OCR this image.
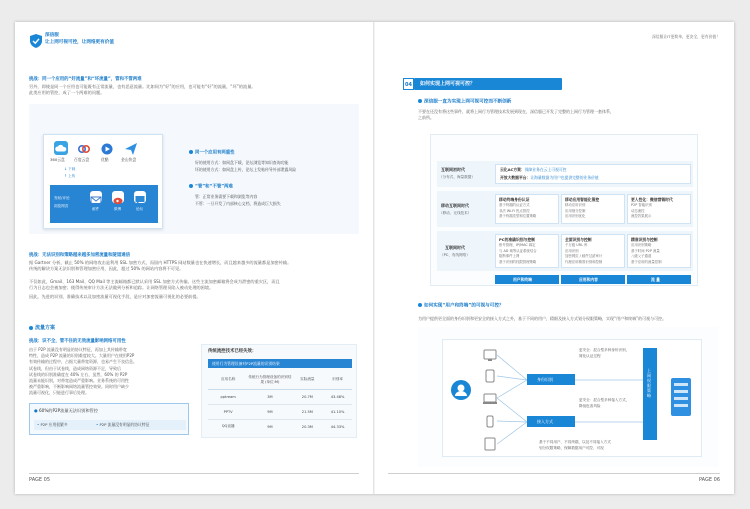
深信服
让上网可视可控，让网络更有价值
挑战：同一个应用的“好流量”和“坏流量”，管和不管两难
另外，即使是同一个应用也可能既有正常流量，也有恶意流量。比如同为“好”的应用，也可能有“好”的流量，“坏”的流量。
此类应用的管控，成了一个两难的问题。
360云盘 百度云盘	优酷	金山快盘
↓ 下载
↑ 上传
发帖/评论
浏览网页
邮件	微博	论坛
同一个应用有两重性
好的使用方式：如网盘下载，论坛浏览等知识查询功能
坏的使用方式：如网盘上传，论坛上发帖传导外部泄露风险
“管”和“不管”两难
管：正常业务需要下载和浏览等内容
不管：一旦开发了内部核心文档，将造成巨大损失
挑战：无法识别和策略越来越多加密流量和隧道通信
据 Gartner 分析，截止 50% 的网络攻击是利用 SSL 加密方式，而国内 HTTPS 网站数量也在快速增长，而且越来越多的流量都是加密传输。
传统的解决方案无法识别和管理加密应用，因此，超过 50% 的网站内容将不可见。
不仅如此，Gmail、163 Mail、QQ Mail 等主流邮箱都已默认采用 SSL 加密方式传输。这些主流加密邮箱将会成为泄密的重灾区，而且
行为日志也会被加密；使得传统审计方法无法做到分析和追踪。让网络管理员陷入被动处理的困境。
因此，先进的识别、准确技术以及加密流量可视化手段，是应对加密流量可视化的必要前提。
流量方案
挑战：识不全，管不住的无效流量影响网络可用性
由于 P2P 流量没有明显的协议特征，再加上其传输带宽
特性，造成 P2P 流量的识别难度较大。大量用户在使用P2P
有效传输的过程中，占据大量带宽资源，也易产生不良信息。
试卷线，但由于试卷线，造成网络资源不足，导致后
试卷线的识别准确度在 40% 左右，虽然，60% 的 P2P
流量未能识别，对带宽造成严重影响。业务系统的可用性
被严重影响，不断影响网络流量管控效果。同时用户缺少
流量可视化，只能进行事后处理。
● 60%的P2P流量无法识别和管控
• P2P 应用很繁多	• P2P 流量没有明显的协议特征
传统流控技术已经失效：
使用行为管理设备对P2P流量的识别结果
应用名称	传统行为管理设备的识别结果 (单位:M)	实际流量	识别率
pptream	3M	20.7M	43.48%
PPTV	9M	21.5M	41.10%
QQ直播	9M	20.3M	44.33%
PAGE 05
深信服让IT更简单，更安全，更有价值！
04 如何实现上网可视可控？
深信服一直为实现上网可视可控而不断创新
不要在还没有将这些事件，就将上网行为管理技术发展到现在，深信服已开发了完整的上网行为管理一套体系，
之前所。
互联网初时代
（分布式、海量数据）
云化AC方案：保障业务在云上可视可控
开放大数据平台：让海量数据为用户也提供完整的业务价值
移动互联网时代
（移动、无线技术）
移动终端身份认证
基于终端的认证方式
非法 Wi-Fi 热点管控
基于终端类型和位置策略
移动应用智能化管控
移动应用识别
应用细分控制
应用识别优化
更人性化：微信营销时代
P2P 智能识别
动态流控
流控效果展示
互联网时代
（PC、有线网络）
PC的准确识别与控制
账号管理、IP/MAC 绑定
与 AD 域等认证系统结合
阻断事件上网
基于识别的权限管理策略
全面识别与控制
千万级 URL 库
应用识别
加密网页 / 邮件过滤审计
代理应用精准识别和控制
精准识别与控制
应用识别策略
基于时间 P2P 流量
八级父子通道
基于应用的流量控制
用户和终端	应用和内容	流 量
如何实现“用户和终端”的可视与可控？
为用户提供更全面的身份识别和更安全的接入方式之外，基于不同的用户，精细及接入方式划分权限策略，实现“用户和终端”的可视与可控。
身份识别
接入方式
更安全：混合型多种身份识别，
简化认证过程
更安全：混合型多种接入方式，
降低危害风险
基于不同用户、不同终端，以及不同接入方式
划分权限策略，保障数据用户可控、可视
上网权限策略
PAGE 06
